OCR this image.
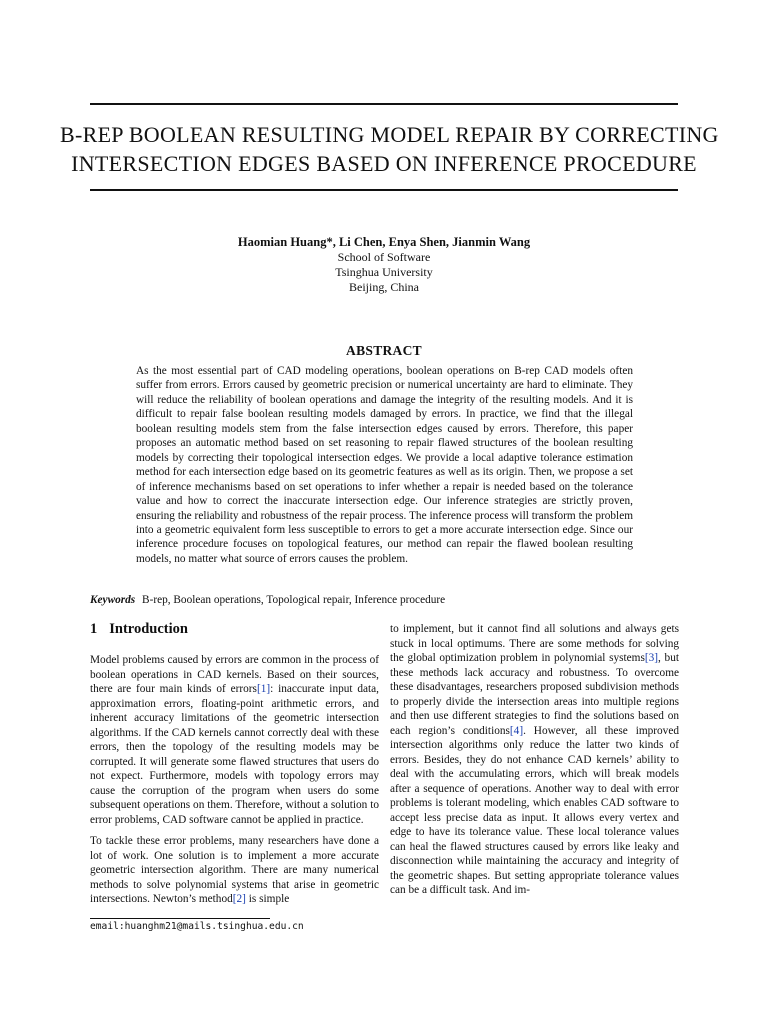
B-REP BOOLEAN RESULTING MODEL REPAIR BY CORRECTING
INTERSECTION EDGES BASED ON INFERENCE PROCEDURE
Haomian Huang*, Li Chen, Enya Shen, Jianmin Wang
School of Software
Tsinghua University
Beijing, China
ABSTRACT
As the most essential part of CAD modeling operations, boolean operations on B-rep CAD models often suffer from errors. Errors caused by geometric precision or numerical uncertainty are hard to eliminate. They will reduce the reliability of boolean operations and damage the integrity of the resulting models. And it is difficult to repair false boolean resulting models damaged by errors. In practice, we find that the illegal boolean resulting models stem from the false intersection edges caused by errors. Therefore, this paper proposes an automatic method based on set reasoning to repair flawed structures of the boolean resulting models by correcting their topological intersection edges. We provide a local adaptive tolerance estimation method for each intersection edge based on its geometric features as well as its origin. Then, we propose a set of inference mechanisms based on set operations to infer whether a repair is needed based on the tolerance value and how to correct the inaccurate intersection edge. Our inference strategies are strictly proven, ensuring the reliability and robustness of the repair process. The inference process will transform the problem into a geometric equivalent form less susceptible to errors to get a more accurate intersection edge. Since our inference procedure focuses on topological features, our method can repair the flawed boolean resulting models, no matter what source of errors causes the problem.
Keywords B-rep, Boolean operations, Topological repair, Inference procedure
1 Introduction

Model problems caused by errors are common in the process of boolean operations in CAD kernels. Based on their sources, there are four main kinds of errors[1]: inaccurate input data, approximation errors, floating-point arithmetic errors, and inherent accuracy limitations of the geometric intersection algorithms. If the CAD kernels cannot correctly deal with these errors, then the topology of the resulting models may be corrupted. It will generate some flawed structures that users do not expect. Furthermore, models with topology errors may cause the corruption of the program when users do some subsequent operations on them. Therefore, without a solution to error problems, CAD software cannot be applied in practice.

To tackle these error problems, many researchers have done a lot of work. One solution is to implement a more accurate geometric intersection algorithm. There are many numerical methods to solve polynomial systems that arise in geometric intersections. Newton’s method[2] is simple

to implement, but it cannot find all solutions and always gets stuck in local optimums. There are some methods for solving the global optimization problem in polynomial systems[3], but these methods lack accuracy and robustness. To overcome these disadvantages, researchers proposed subdivision methods to properly divide the intersection areas into multiple regions and then use different strategies to find the solutions based on each region’s conditions[4]. However, all these improved intersection algorithms only reduce the latter two kinds of errors. Besides, they do not enhance CAD kernels’ ability to deal with the accumulating errors, which will break models after a sequence of operations. Another way to deal with error problems is tolerant modeling, which enables CAD software to accept less precise data as input. It allows every vertex and edge to have its tolerance value. These local tolerance values can heal the flawed structures caused by errors like leaky and disconnection while maintaining the accuracy and integrity of the geometric shapes. But setting appropriate tolerance values can be a difficult task. And im-

email:huanghm21@mails.tsinghua.edu.cn
